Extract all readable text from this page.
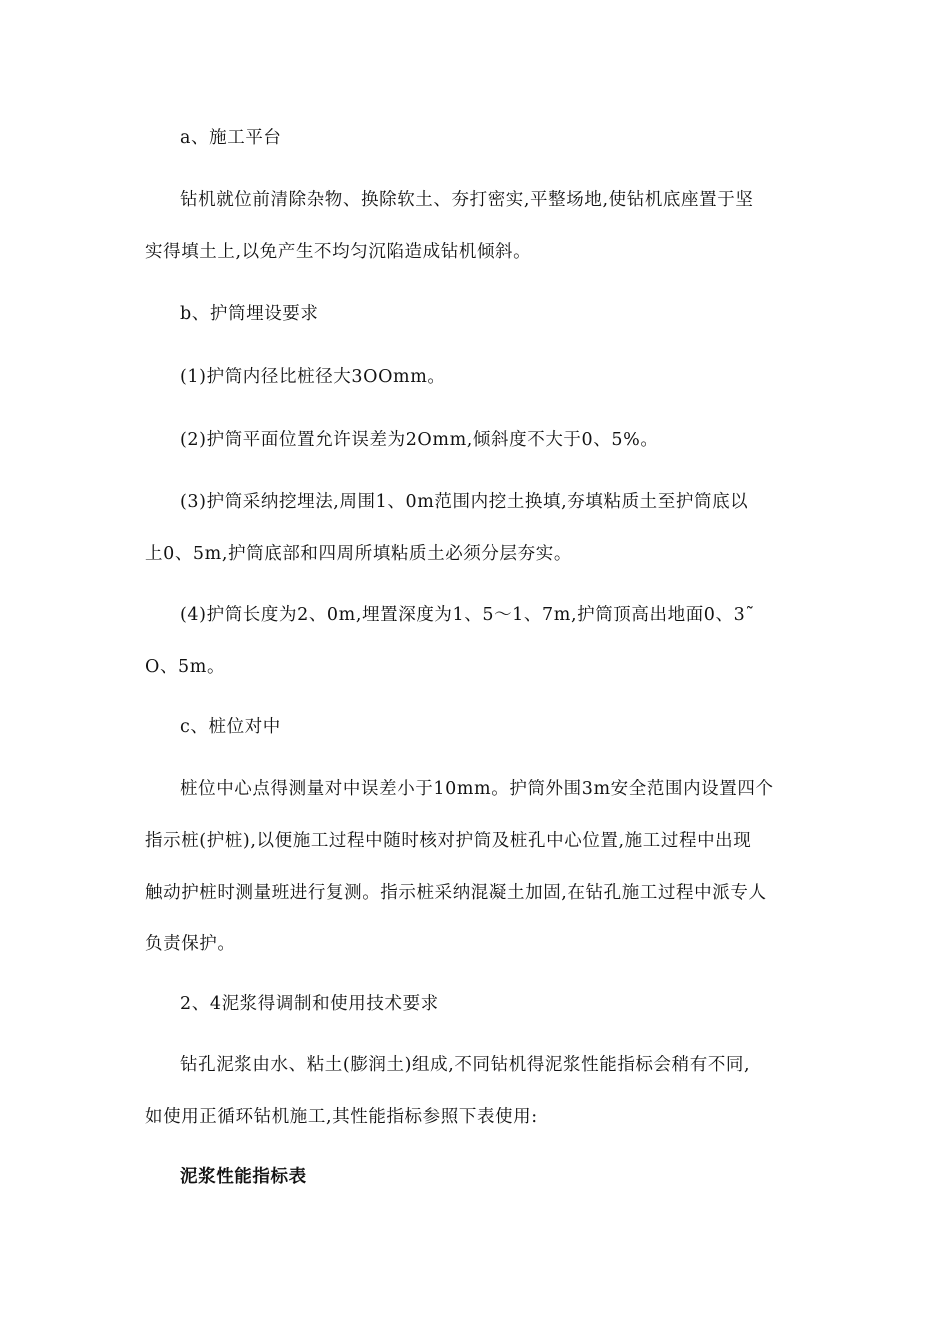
a、施工平台
钻机就位前清除杂物、换除软土、夯打密实,平整场地,使钻机底座置于坚
实得填土上,以免产生不均匀沉陷造成钻机倾斜。
b、护筒埋设要求
(1)护筒内径比桩径大3OOmm。
(2)护筒平面位置允许误差为2Omm,倾斜度不大于0、5%。
(3)护筒采纳挖埋法,周围1、0m范围内挖土换填,夯填粘质土至护筒底以
上0、5m,护筒底部和四周所填粘质土必须分层夯实。
(4)护筒长度为2、0m,埋置深度为1、5～1、7m,护筒顶高出地面0、3˜
O、5m。
c、桩位对中
桩位中心点得测量对中误差小于10mm。护筒外围3m安全范围内设置四个
指示桩(护桩),以便施工过程中随时核对护筒及桩孔中心位置,施工过程中出现
触动护桩时测量班进行复测。指示桩采纳混凝土加固,在钻孔施工过程中派专人
负责保护。
2、4泥浆得调制和使用技术要求
钻孔泥浆由水、粘土(膨润土)组成,不同钻机得泥浆性能指标会稍有不同,
如使用正循环钻机施工,其性能指标参照下表使用:
泥浆性能指标表
